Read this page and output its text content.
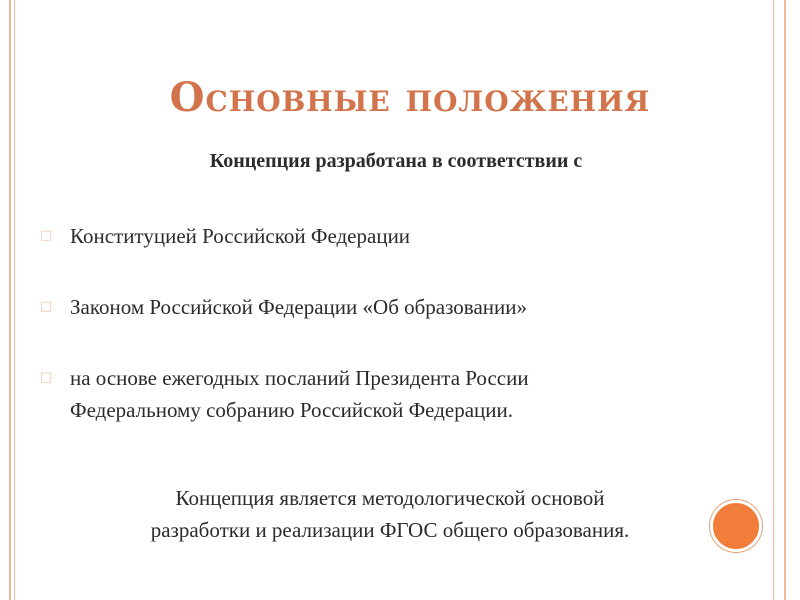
Основные положения
Концепция разработана в соответствии с
□ Конституцией Российской Федерации
□ Законом Российской Федерации «Об образовании»
□ на основе ежегодных посланий Президента России
Федеральному собранию Российской Федерации.
Концепция является методологической основой
разработки и реализации ФГОС общего образования.
